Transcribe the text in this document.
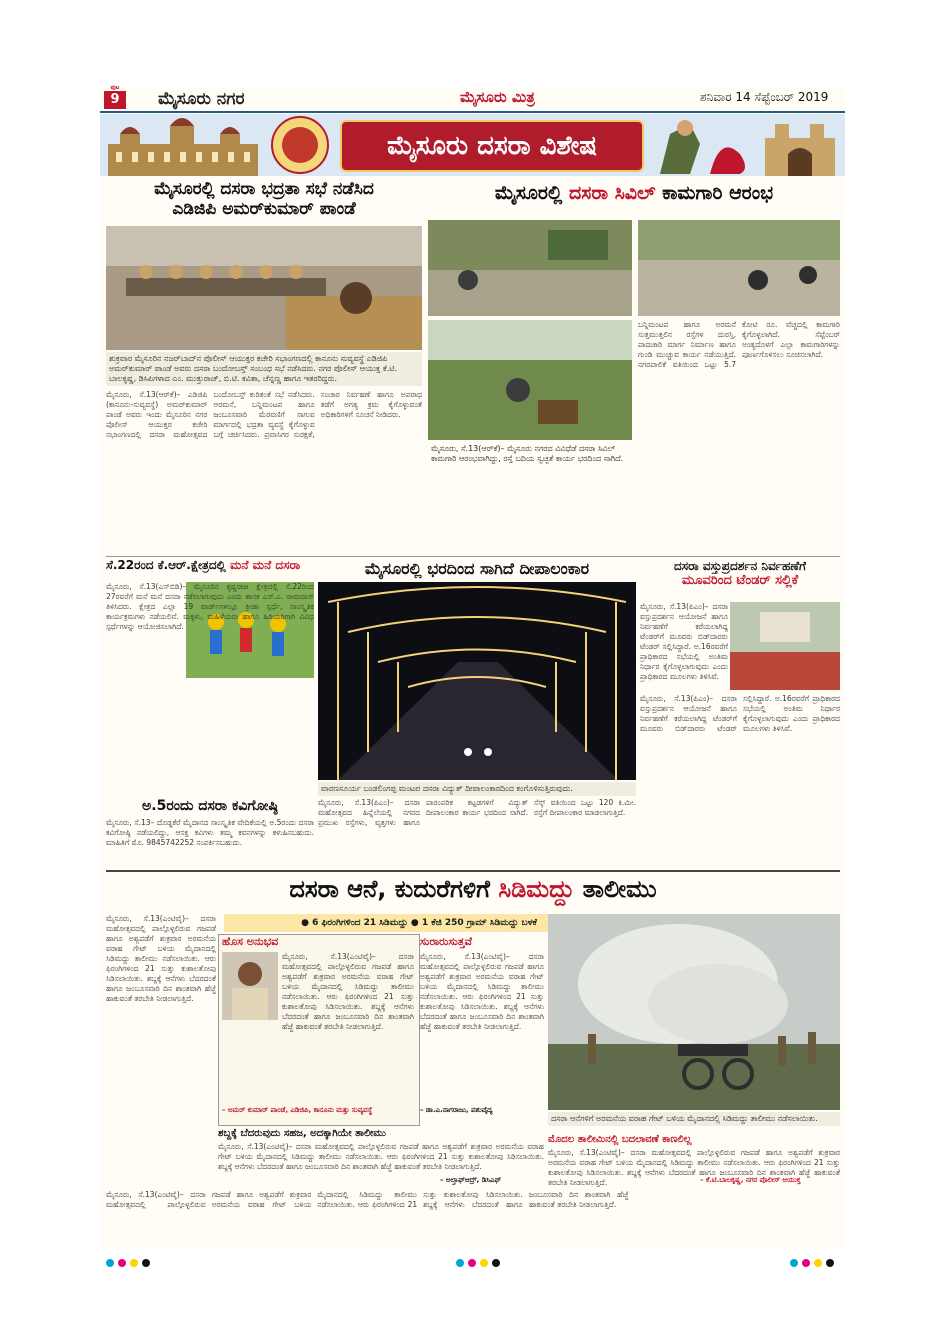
9
ಪುಟ
ಮೈಸೂರು ನಗರ	ಮೈಸೂರು ಮಿತ್ರ	ಶನಿವಾರ 14 ಸೆಪ್ಟೆಂಬರ್ 2019
ಮೈಸೂರು ದಸರಾ ವಿಶೇಷ
ಮೈಸೂರಲ್ಲಿ ದಸರಾ ಭದ್ರತಾ ಸಭೆ ನಡೆಸಿದ
ಎಡಿಜಿಪಿ ಅಮರ್‌ಕುಮಾರ್ ಪಾಂಡೆ
ಶುಕ್ರವಾರ ಮೈಸೂರಿನ ನಜರ್‌ಬಾದ್‌ನ ಪೊಲೀಸ್ ಆಯುಕ್ತರ ಕಚೇರಿ ಸಭಾಂಗಣದಲ್ಲಿ ಕಾನೂನು ಸುವ್ಯವಸ್ಥೆ ಎಡಿಜಿಪಿ ಅಮರ್‌ಕುಮಾರ್ ಪಾಂಡೆ ಅವರು ದಸರಾ ಬಂದೋಬಸ್ತ್ ಸಂಬಂಧ ಸಭೆ ನಡೆಸಿದರು. ನಗರ ಪೊಲೀಸ್ ಆಯುಕ್ತ ಕೆ.ಟಿ. ಬಾಲಕೃಷ್ಣ, ಡಿಸಿಪಿಗಳಾದ ಎಂ. ಮುತ್ತುರಾಜ್, ಬಿ.ಟಿ. ಕವಿತಾ, ಚೆನ್ನಣ್ಣ ಹಾಗೂ ಇತರರಿದ್ದರು.
ಮೈಸೂರು, ಸೆ.13(ಆರ್‌ಕೆ)– ಎಡಿಜಿಪಿ (ಕಾನೂನು-ಸುವ್ಯವಸ್ಥೆ) ಅಮರ್‌ಕುಮಾರ್ ಪಾಂಡೆ ಅವರು ಇಂದು ಮೈಸೂರಿನ ನಗರ ಪೊಲೀಸ್ ಆಯುಕ್ತರ ಕಚೇರಿ ಸಭಾಂಗಣದಲ್ಲಿ ದಸರಾ ಮಹೋತ್ಸವದ ಬಂದೋಬಸ್ತ್ ಕುರಿತಂತೆ ಸಭೆ ನಡೆಸಿದರು. ಅರಮನೆ, ಬನ್ನಿಮಂಟಪ ಹಾಗೂ ಜಂಬೂಸವಾರಿ ಮೆರವಣಿಗೆ ಸಾಗುವ ಮಾರ್ಗದಲ್ಲಿ ಭದ್ರತಾ ವ್ಯವಸ್ಥೆ ಕೈಗೊಳ್ಳುವ ಬಗ್ಗೆ ಚರ್ಚಿಸಿದರು. ಪ್ರವಾಸಿಗರ ಸುರಕ್ಷತೆ, ಸಂಚಾರ ನಿರ್ವಹಣೆ ಹಾಗೂ ಅಪರಾಧ ತಡೆಗೆ ಅಗತ್ಯ ಕ್ರಮ ಕೈಗೊಳ್ಳುವಂತೆ ಅಧಿಕಾರಿಗಳಿಗೆ ಸೂಚನೆ ನೀಡಿದರು.
ಮೈಸೂರಲ್ಲಿ ದಸರಾ ಸಿವಿಲ್ ಕಾಮಗಾರಿ ಆರಂಭ
ಮೈಸೂರು, ಸೆ.13(ಆರ್‌ಕೆ)– ಮೈಸೂರು ನಗರದ ವಿವಿಧೆಡೆ ದಸರಾ ಸಿವಿಲ್ ಕಾಮಗಾರಿ ಆರಂಭವಾಗಿದ್ದು, ರಸ್ತೆ ಬದಿಯ ಸ್ವಚ್ಛತೆ ಕಾರ್ಯ ಭರದಿಂದ ಸಾಗಿದೆ.
ಬನ್ನಿಮಂಟಪ ಹಾಗೂ ಅರಮನೆ ಸುತ್ತಮುತ್ತಲಿನ ರಸ್ತೆಗಳ ದುರಸ್ತಿ, ಪಾದಚಾರಿ ಮಾರ್ಗ ನಿರ್ಮಾಣ ಹಾಗೂ ಗುಂಡಿ ಮುಚ್ಚುವ ಕಾರ್ಯ ನಡೆಯುತ್ತಿದೆ. ನಗರಪಾಲಿಕೆ ವತಿಯಿಂದ ಒಟ್ಟು 5.7 ಕೋಟಿ ರೂ. ವೆಚ್ಚದಲ್ಲಿ ಕಾಮಗಾರಿ ಕೈಗೊಳ್ಳಲಾಗಿದೆ. ಸೆಪ್ಟೆಂಬರ್ ಅಂತ್ಯದೊಳಗೆ ಎಲ್ಲಾ ಕಾಮಗಾರಿಗಳನ್ನು ಪೂರ್ಣಗೊಳಿಸಲು ಸೂಚಿಸಲಾಗಿದೆ.
ಸೆ.22ರಂದ ಕೆ.ಆರ್.ಕ್ಷೇತ್ರದಲ್ಲಿ ಮನೆ ಮನೆ ದಸರಾ
ಮೈಸೂರು, ಸೆ.13(ಎಸ್‌ಬಿಡಿ)– ಮೈಸೂರಿನ ಕೃಷ್ಣರಾಜ ಕ್ಷೇತ್ರದಲ್ಲಿ ಸೆ.22ರಿಂದ 27ರವರೆಗೆ ಮನೆ ಮನೆ ದಸರಾ ನಡೆಸಲಾಗುವುದು ಎಂದು ಶಾಸಕ ಎಸ್.ಎ. ರಾಮದಾಸ್ ತಿಳಿಸಿದರು. ಕ್ಷೇತ್ರದ ಎಲ್ಲಾ 19 ವಾರ್ಡ್‌ಗಳಲ್ಲೂ ಕ್ರೀಡಾ ಸ್ಪರ್ಧೆ, ಸಾಂಸ್ಕೃತಿಕ ಕಾರ್ಯಕ್ರಮಗಳು ನಡೆಯಲಿವೆ. ಮಕ್ಕಳು, ಮಹಿಳೆಯರು ಹಾಗೂ ಹಿರಿಯರಿಗಾಗಿ ವಿವಿಧ ಸ್ಪರ್ಧೆಗಳನ್ನು ಆಯೋಜಿಸಲಾಗಿದೆ.
ಅ.5ರಂದು ದಸರಾ ಕವಿಗೋಷ್ಠಿ
ಮೈಸೂರು, ಸೆ.13– ದೊಡ್ಡಕೆರೆ ಮೈದಾನದ ಸಾಂಸ್ಕೃತಿಕ ವೇದಿಕೆಯಲ್ಲಿ ಅ.5ರಂದು ದಸರಾ ಕವಿಗೋಷ್ಠಿ ನಡೆಯಲಿದ್ದು, ಆಸಕ್ತ ಕವಿಗಳು ತಮ್ಮ ಕವನಗಳನ್ನು ಕಳುಹಿಸಬಹುದು. ಮಾಹಿತಿಗೆ ಮೊ. 9845742252 ಸಂಪರ್ಕಿಸಬಹುದು.
ಮೈಸೂರಲ್ಲಿ ಭರದಿಂದ ಸಾಗಿದೆ ದೀಪಾಲಂಕಾರ
ವಾರಣಸೂರ್ಯ ಬಂಡಲಿಂಗಪ್ಪ ಮಂಟಪ ದಸರಾ ವಿದ್ಯುತ್ ದೀಪಾಲಂಕಾರದಿಂದ ಕಂಗೊಳಿಸುತ್ತಿರುವುದು.
ಮೈಸೂರು, ಸೆ.13(ಪಿಎಂ)– ದಸರಾ ಮಹೋತ್ಸವದ ಹಿನ್ನೆಲೆಯಲ್ಲಿ ನಗರದ ಪ್ರಮುಖ ರಸ್ತೆಗಳು, ವೃತ್ತಗಳು ಹಾಗೂ ಪಾರಂಪರಿಕ ಕಟ್ಟಡಗಳಿಗೆ ವಿದ್ಯುತ್ ದೀಪಾಲಂಕಾರ ಕಾರ್ಯ ಭರದಿಂದ ಸಾಗಿದೆ. ಸೆಸ್ಕ್ ವತಿಯಿಂದ ಒಟ್ಟು 120 ಕಿ.ಮೀ. ರಸ್ತೆಗೆ ದೀಪಾಲಂಕಾರ ಮಾಡಲಾಗುತ್ತಿದೆ.
ದಸರಾ ವಸ್ತುಪ್ರದರ್ಶನ ನಿರ್ವಹಣೆಗೆ
ಮೂವರಿಂದ ಟೆಂಡರ್ ಸಲ್ಲಿಕೆ
ಮೈಸೂರು, ಸೆ.13(ಪಿಎಂ)– ದಸರಾ ವಸ್ತುಪ್ರದರ್ಶನ ಆಯೋಜನೆ ಹಾಗೂ ನಿರ್ವಹಣೆಗೆ ಕರೆಯಲಾಗಿದ್ದ ಟೆಂಡರ್‌ಗೆ ಮೂವರು ಬಿಡ್‌ದಾರರು ಟೆಂಡರ್ ಸಲ್ಲಿಸಿದ್ದಾರೆ. ಅ.16ರವರೆಗೆ ಪ್ರಾಧಿಕಾರದ ಸಭೆಯಲ್ಲಿ ಅಂತಿಮ ನಿರ್ಧಾರ ಕೈಗೊಳ್ಳಲಾಗುವುದು ಎಂದು ಪ್ರಾಧಿಕಾರದ ಮೂಲಗಳು ತಿಳಿಸಿವೆ.
ಮೈಸೂರು, ಸೆ.13(ಪಿಎಂ)– ದಸರಾ ವಸ್ತುಪ್ರದರ್ಶನ ಆಯೋಜನೆ ಹಾಗೂ ನಿರ್ವಹಣೆಗೆ ಕರೆಯಲಾಗಿದ್ದ ಟೆಂಡರ್‌ಗೆ ಮೂವರು ಬಿಡ್‌ದಾರರು ಟೆಂಡರ್ ಸಲ್ಲಿಸಿದ್ದಾರೆ. ಅ.16ರವರೆಗೆ ಪ್ರಾಧಿಕಾರದ ಸಭೆಯಲ್ಲಿ ಅಂತಿಮ ನಿರ್ಧಾರ ಕೈಗೊಳ್ಳಲಾಗುವುದು ಎಂದು ಪ್ರಾಧಿಕಾರದ ಮೂಲಗಳು ತಿಳಿಸಿವೆ.
ದಸರಾ ಆನೆ, ಕುದುರೆಗಳಿಗೆ ಸಿಡಿಮದ್ದು ತಾಲೀಮು
● 6 ಫಿರಂಗಿಗಳಿಂದ 21 ಸಿಡಿಮದ್ದು ● 1 ಕೆಜಿ 250 ಗ್ರಾಮ್ ಸಿಡಿಮದ್ದು ಬಳಕೆ
ಮೈಸೂರು, ಸೆ.13(ಎಂಟಿವೈ)– ದಸರಾ ಮಹೋತ್ಸವದಲ್ಲಿ ಪಾಲ್ಗೊಳ್ಳಲಿರುವ ಗಜಪಡೆ ಹಾಗೂ ಅಶ್ವಪಡೆಗೆ ಶುಕ್ರವಾರ ಅರಮನೆಯ ವರಾಹ ಗೇಟ್ ಬಳಿಯ ಮೈದಾನದಲ್ಲಿ ಸಿಡಿಮದ್ದು ತಾಲೀಮು ನಡೆಸಲಾಯಿತು. ಆರು ಫಿರಂಗಿಗಳಿಂದ 21 ಸುತ್ತು ಕುಶಾಲತೋಪು ಸಿಡಿಸಲಾಯಿತು. ಶಬ್ದಕ್ಕೆ ಆನೆಗಳು ಬೆದರದಂತೆ ಹಾಗೂ ಜಂಬೂಸವಾರಿ ದಿನ ಶಾಂತವಾಗಿ ಹೆಜ್ಜೆ ಹಾಕುವಂತೆ ತರಬೇತಿ ನೀಡಲಾಗುತ್ತಿದೆ.
ಹೊಸ ಅನುಭವ
ಮೈಸೂರು, ಸೆ.13(ಎಂಟಿವೈ)– ದಸರಾ ಮಹೋತ್ಸವದಲ್ಲಿ ಪಾಲ್ಗೊಳ್ಳಲಿರುವ ಗಜಪಡೆ ಹಾಗೂ ಅಶ್ವಪಡೆಗೆ ಶುಕ್ರವಾರ ಅರಮನೆಯ ವರಾಹ ಗೇಟ್ ಬಳಿಯ ಮೈದಾನದಲ್ಲಿ ಸಿಡಿಮದ್ದು ತಾಲೀಮು ನಡೆಸಲಾಯಿತು. ಆರು ಫಿರಂಗಿಗಳಿಂದ 21 ಸುತ್ತು ಕುಶಾಲತೋಪು ಸಿಡಿಸಲಾಯಿತು. ಶಬ್ದಕ್ಕೆ ಆನೆಗಳು ಬೆದರದಂತೆ ಹಾಗೂ ಜಂಬೂಸವಾರಿ ದಿನ ಶಾಂತವಾಗಿ ಹೆಜ್ಜೆ ಹಾಕುವಂತೆ ತರಬೇತಿ ನೀಡಲಾಗುತ್ತಿದೆ.
– ಅಮರ್ ಕುಮಾರ್ ಪಾಂಡೆ, ಎಡಿಜಿಪಿ, ಕಾನೂನು ಮತ್ತು ಸುವ್ಯವಸ್ಥೆ
ಸುರಾರುಸುತ್ತವೆ
ಮೈಸೂರು, ಸೆ.13(ಎಂಟಿವೈ)– ದಸರಾ ಮಹೋತ್ಸವದಲ್ಲಿ ಪಾಲ್ಗೊಳ್ಳಲಿರುವ ಗಜಪಡೆ ಹಾಗೂ ಅಶ್ವಪಡೆಗೆ ಶುಕ್ರವಾರ ಅರಮನೆಯ ವರಾಹ ಗೇಟ್ ಬಳಿಯ ಮೈದಾನದಲ್ಲಿ ಸಿಡಿಮದ್ದು ತಾಲೀಮು ನಡೆಸಲಾಯಿತು. ಆರು ಫಿರಂಗಿಗಳಿಂದ 21 ಸುತ್ತು ಕುಶಾಲತೋಪು ಸಿಡಿಸಲಾಯಿತು. ಶಬ್ದಕ್ಕೆ ಆನೆಗಳು ಬೆದರದಂತೆ ಹಾಗೂ ಜಂಬೂಸವಾರಿ ದಿನ ಶಾಂತವಾಗಿ ಹೆಜ್ಜೆ ಹಾಕುವಂತೆ ತರಬೇತಿ ನೀಡಲಾಗುತ್ತಿದೆ.
– ಡಾ.ಎ.ನಾಗರಾಜು, ಪಶುವೈದ್ಯ
ದಸರಾ ಆನೆಗಳಿಗೆ ಅರಮನೆಯ ವರಾಹ ಗೇಟ್ ಬಳಿಯ ಮೈದಾನದಲ್ಲಿ ಸಿಡಿಮದ್ದು ತಾಲೀಮು ನಡೆಸಲಾಯಿತು.
ಶಬ್ದಕ್ಕೆ ಬೆದರುವುದು ಸಹಜ, ಅದಕ್ಕಾಗಿಯೇ ತಾಲೀಮು
ಮೈಸೂರು, ಸೆ.13(ಎಂಟಿವೈ)– ದಸರಾ ಮಹೋತ್ಸವದಲ್ಲಿ ಪಾಲ್ಗೊಳ್ಳಲಿರುವ ಗಜಪಡೆ ಹಾಗೂ ಅಶ್ವಪಡೆಗೆ ಶುಕ್ರವಾರ ಅರಮನೆಯ ವರಾಹ ಗೇಟ್ ಬಳಿಯ ಮೈದಾನದಲ್ಲಿ ಸಿಡಿಮದ್ದು ತಾಲೀಮು ನಡೆಸಲಾಯಿತು. ಆರು ಫಿರಂಗಿಗಳಿಂದ 21 ಸುತ್ತು ಕುಶಾಲತೋಪು ಸಿಡಿಸಲಾಯಿತು. ಶಬ್ದಕ್ಕೆ ಆನೆಗಳು ಬೆದರದಂತೆ ಹಾಗೂ ಜಂಬೂಸವಾರಿ ದಿನ ಶಾಂತವಾಗಿ ಹೆಜ್ಜೆ ಹಾಕುವಂತೆ ತರಬೇತಿ ನೀಡಲಾಗುತ್ತಿದೆ.
– ಅಲ್ತಾಫ್‌ಆದ್ರ್, ಡಿಸಿಎಫ್
ಮೊದಲ ತಾಲೀಮಿನಲ್ಲಿ ಬದಲಾವಣೆ ಕಾಣಲಿಲ್ಲ
ಮೈಸೂರು, ಸೆ.13(ಎಂಟಿವೈ)– ದಸರಾ ಮಹೋತ್ಸವದಲ್ಲಿ ಪಾಲ್ಗೊಳ್ಳಲಿರುವ ಗಜಪಡೆ ಹಾಗೂ ಅಶ್ವಪಡೆಗೆ ಶುಕ್ರವಾರ ಅರಮನೆಯ ವರಾಹ ಗೇಟ್ ಬಳಿಯ ಮೈದಾನದಲ್ಲಿ ಸಿಡಿಮದ್ದು ತಾಲೀಮು ನಡೆಸಲಾಯಿತು. ಆರು ಫಿರಂಗಿಗಳಿಂದ 21 ಸುತ್ತು ಕುಶಾಲತೋಪು ಸಿಡಿಸಲಾಯಿತು. ಶಬ್ದಕ್ಕೆ ಆನೆಗಳು ಬೆದರದಂತೆ ಹಾಗೂ ಜಂಬೂಸವಾರಿ ದಿನ ಶಾಂತವಾಗಿ ಹೆಜ್ಜೆ ಹಾಕುವಂತೆ ತರಬೇತಿ ನೀಡಲಾಗುತ್ತಿದೆ.	– ಕೆ.ಟಿ.ಬಾಲಕೃಷ್ಣ, ನಗರ ಪೊಲೀಸ್ ಆಯುಕ್ತ
ಮೈಸೂರು, ಸೆ.13(ಎಂಟಿವೈ)– ದಸರಾ ಮಹೋತ್ಸವದಲ್ಲಿ ಪಾಲ್ಗೊಳ್ಳಲಿರುವ ಗಜಪಡೆ ಹಾಗೂ ಅಶ್ವಪಡೆಗೆ ಶುಕ್ರವಾರ ಅರಮನೆಯ ವರಾಹ ಗೇಟ್ ಬಳಿಯ ಮೈದಾನದಲ್ಲಿ ಸಿಡಿಮದ್ದು ತಾಲೀಮು ನಡೆಸಲಾಯಿತು. ಆರು ಫಿರಂಗಿಗಳಿಂದ 21 ಸುತ್ತು ಕುಶಾಲತೋಪು ಸಿಡಿಸಲಾಯಿತು. ಶಬ್ದಕ್ಕೆ ಆನೆಗಳು ಬೆದರದಂತೆ ಹಾಗೂ ಜಂಬೂಸವಾರಿ ದಿನ ಶಾಂತವಾಗಿ ಹೆಜ್ಜೆ ಹಾಕುವಂತೆ ತರಬೇತಿ ನೀಡಲಾಗುತ್ತಿದೆ.
